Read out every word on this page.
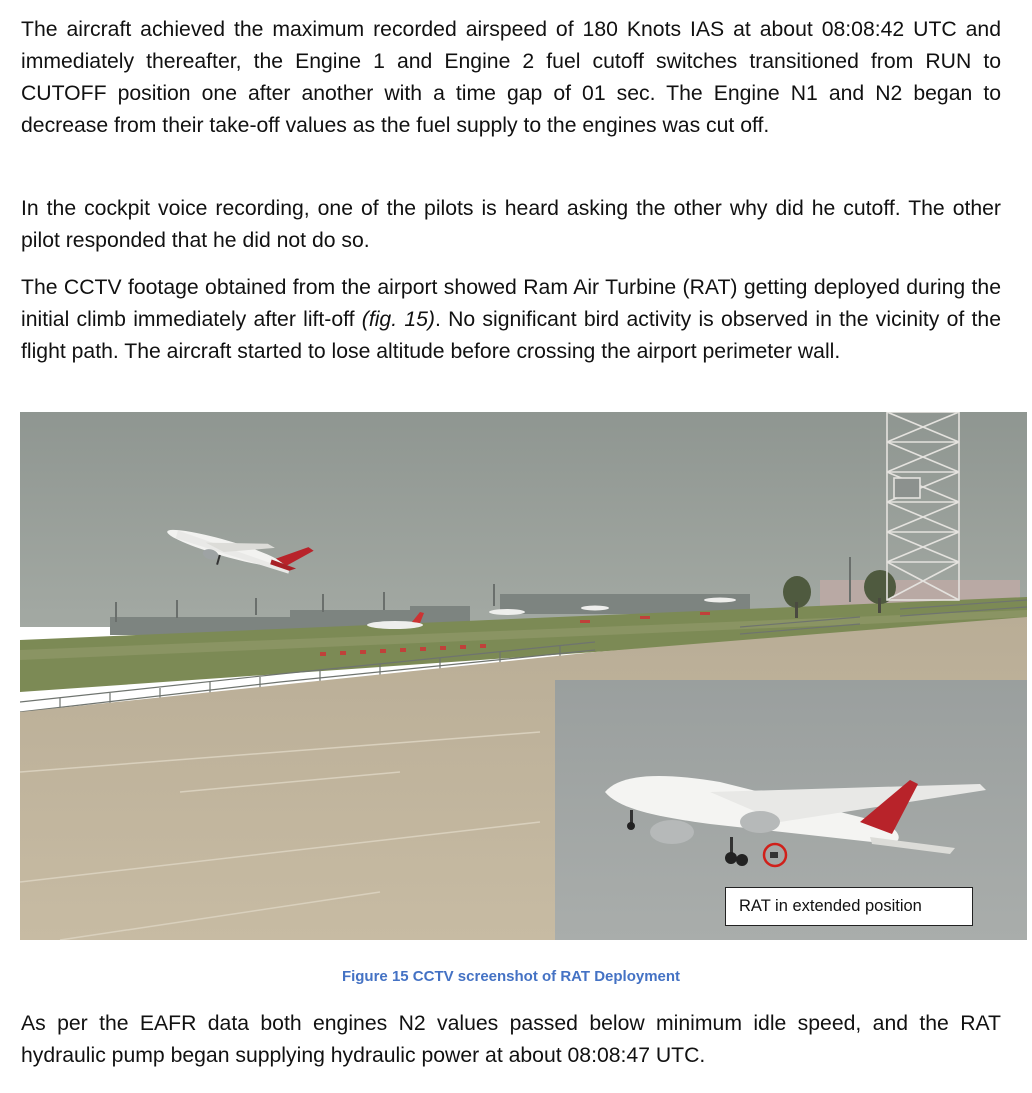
The aircraft achieved the maximum recorded airspeed of 180 Knots IAS at about 08:08:42 UTC and immediately thereafter, the Engine 1 and Engine 2 fuel cutoff switches transitioned from RUN to CUTOFF position one after another with a time gap of 01 sec. The Engine N1 and N2 began to decrease from their take-off values as the fuel supply to the engines was cut off.

In the cockpit voice recording, one of the pilots is heard asking the other why did he cutoff. The other pilot responded that he did not do so.

The CCTV footage obtained from the airport showed Ram Air Turbine (RAT) getting deployed during the initial climb immediately after lift-off (fig. 15). No significant bird activity is observed in the vicinity of the flight path. The aircraft started to lose altitude before crossing the airport perimeter wall.

RAT in extended position
Figure 15 CCTV screenshot of RAT Deployment

As per the EAFR data both engines N2 values passed below minimum idle speed, and the RAT hydraulic pump began supplying hydraulic power at about 08:08:47 UTC.
